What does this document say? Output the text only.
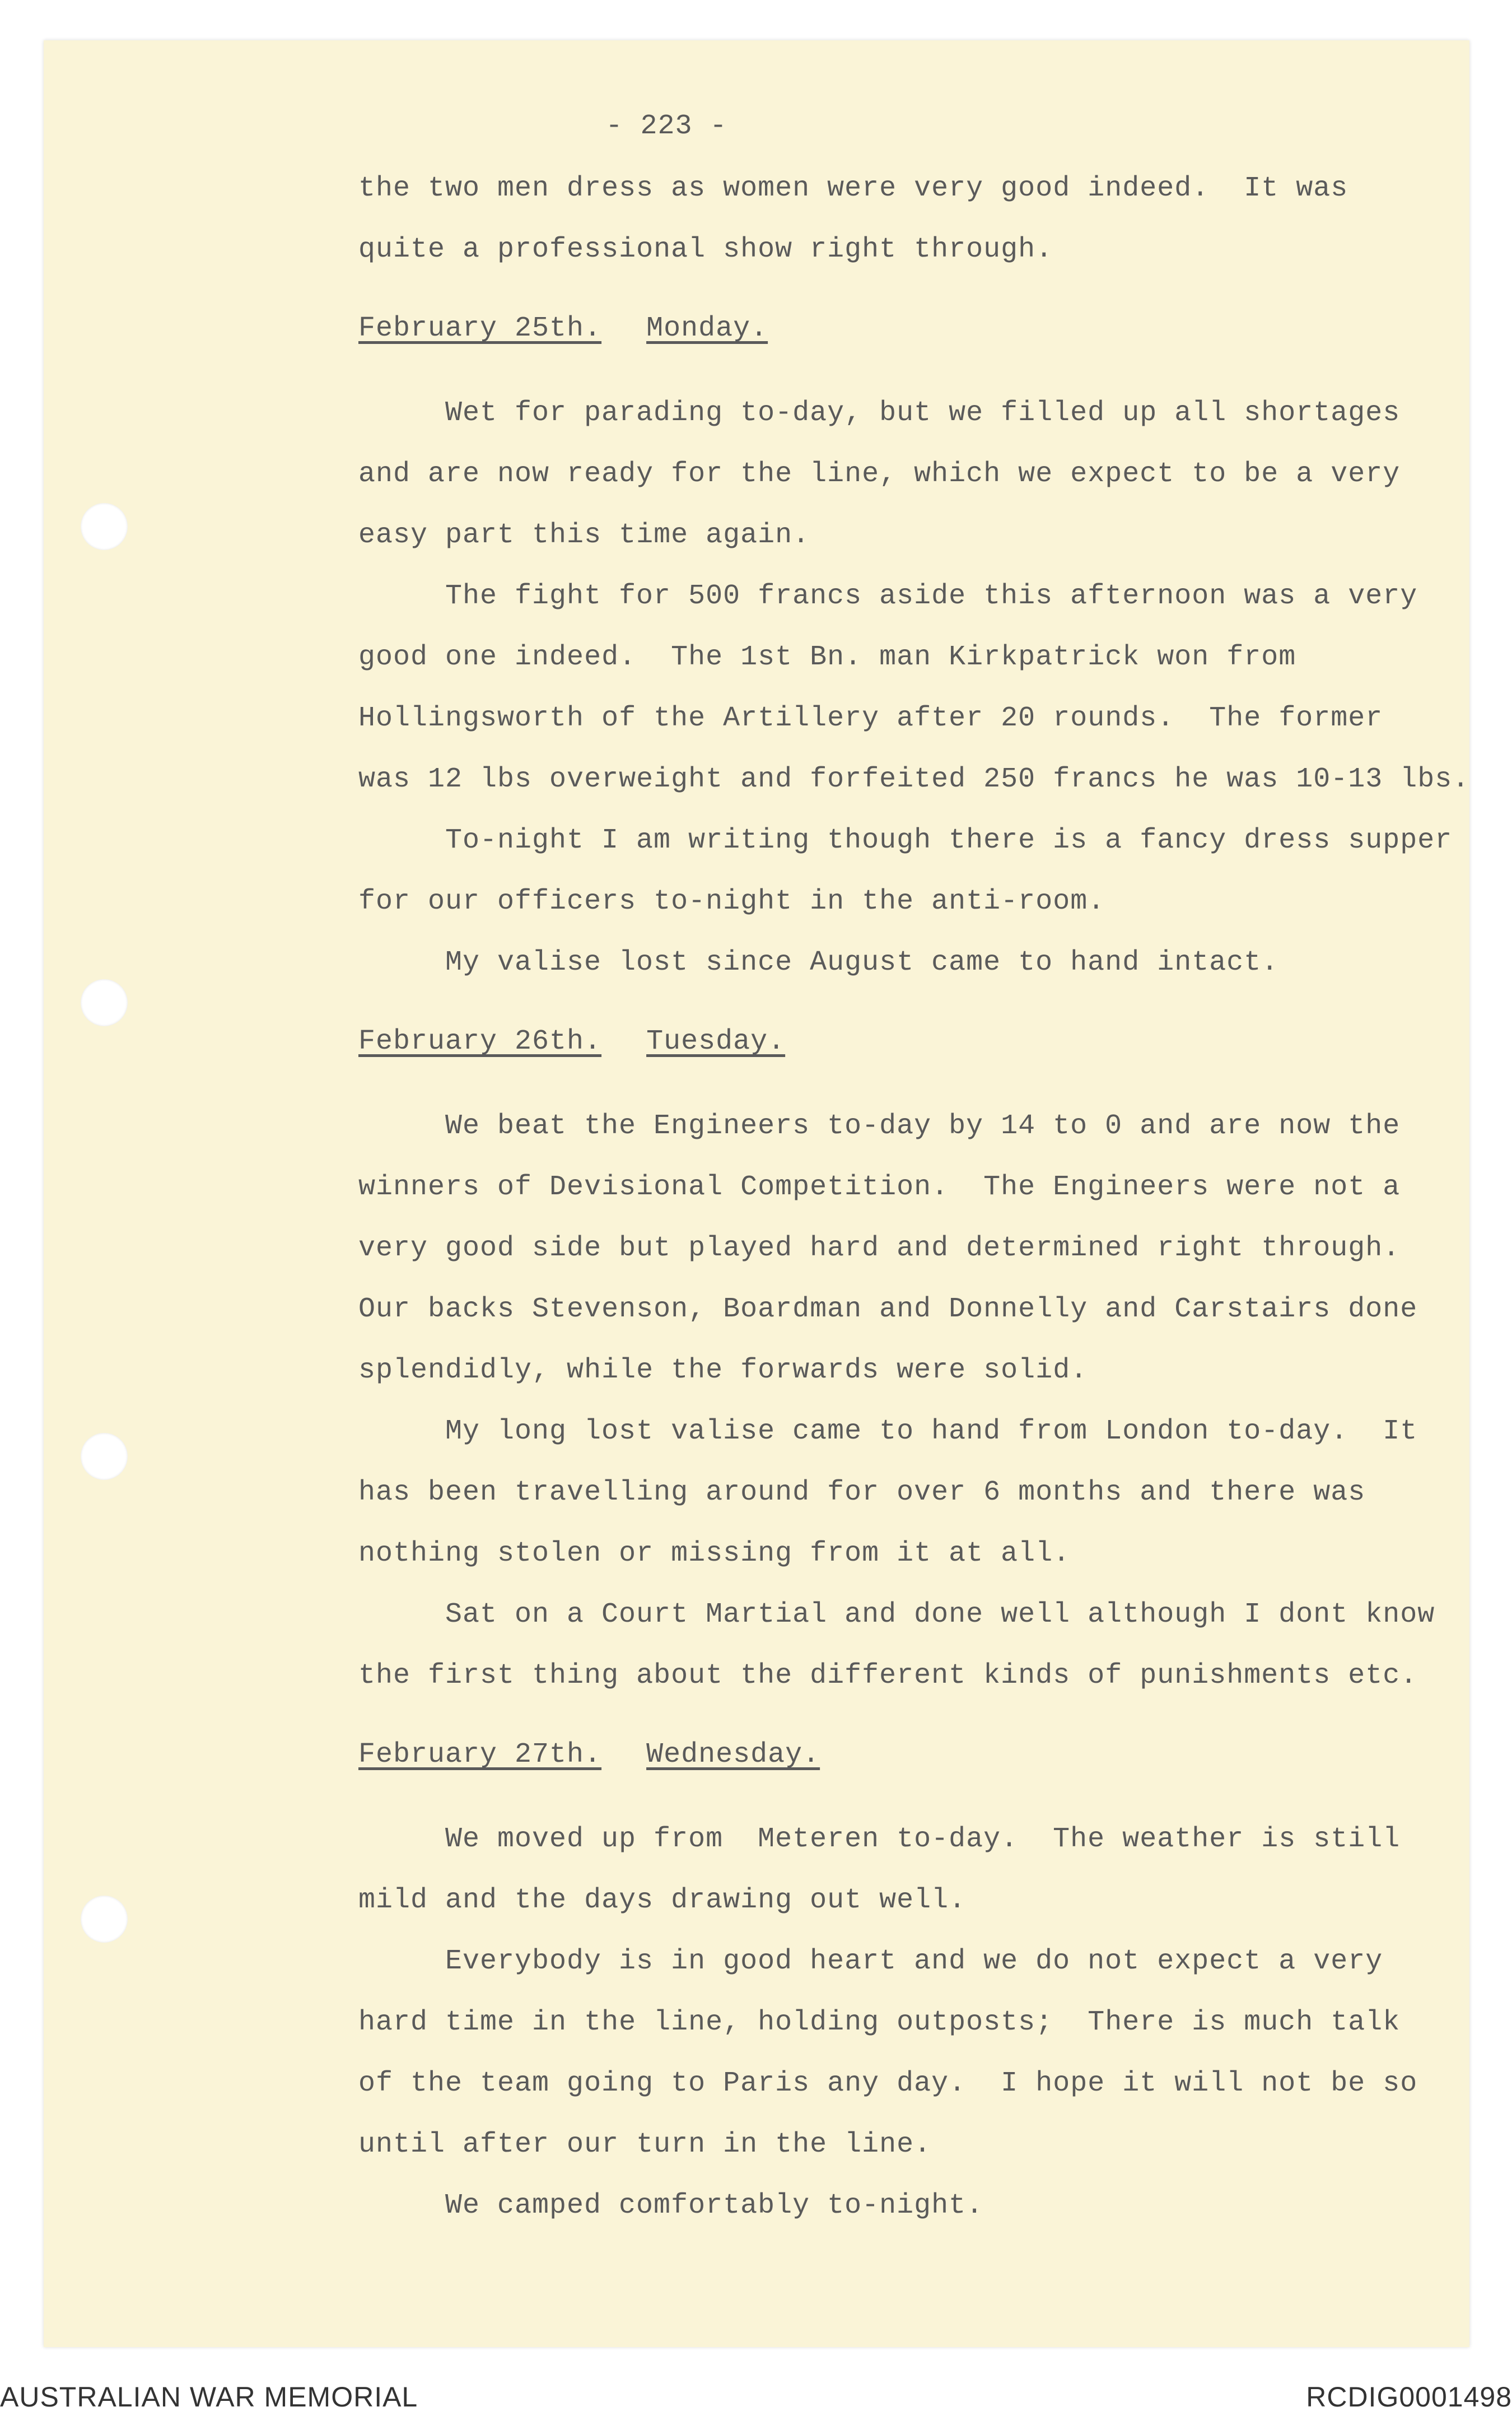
- 223 -
the two men dress as women were very good indeed.  It was
quite a professional show right through.
February 25th. Monday.
Wet for parading to-day, but we filled up all shortages
and are now ready for the line, which we expect to be a very
easy part this time again.
The fight for 500 francs aside this afternoon was a very
good one indeed.  The 1st Bn. man Kirkpatrick won from
Hollingsworth of the Artillery after 20 rounds.  The former
was 12 lbs overweight and forfeited 250 francs he was 10-13 lbs.
To-night I am writing though there is a fancy dress supper
for our officers to-night in the anti-room.
My valise lost since August came to hand intact.
February 26th. Tuesday.
We beat the Engineers to-day by 14 to 0 and are now the
winners of Devisional Competition.  The Engineers were not a
very good side but played hard and determined right through.
Our backs Stevenson, Boardman and Donnelly and Carstairs done
splendidly, while the forwards were solid.
My long lost valise came to hand from London to-day.  It
has been travelling around for over 6 months and there was
nothing stolen or missing from it at all.
Sat on a Court Martial and done well although I dont know
the first thing about the different kinds of punishments etc.
February 27th. Wednesday.
We moved up from  Meteren to-day.  The weather is still
mild and the days drawing out well.
Everybody is in good heart and we do not expect a very
hard time in the line, holding outposts;  There is much talk
of the team going to Paris any day.  I hope it will not be so
until after our turn in the line.
We camped comfortably to-night.
AUSTRALIAN WAR MEMORIAL	RCDIG0001498
